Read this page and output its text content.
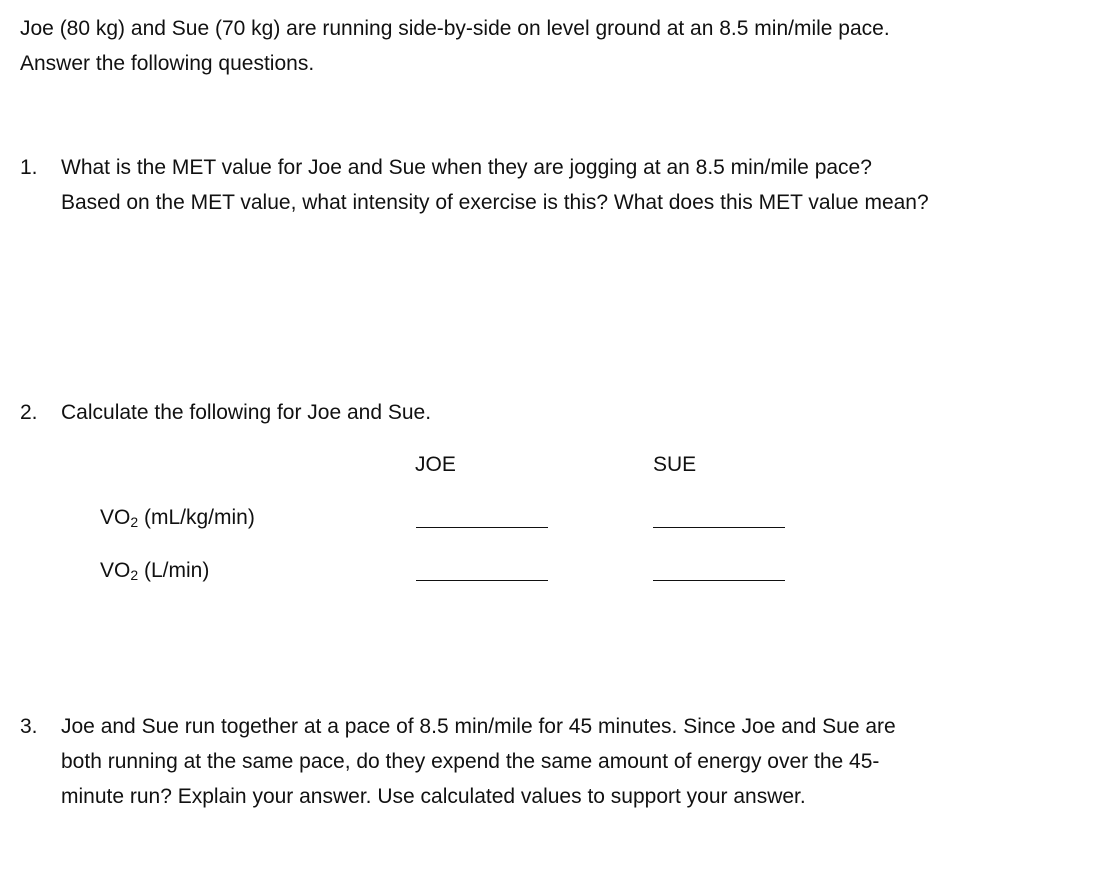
Joe (80 kg) and Sue (70 kg) are running side-by-side on level ground at an 8.5 min/mile pace.
Answer the following questions.
1. What is the MET value for Joe and Sue when they are jogging at an 8.5 min/mile pace?
Based on the MET value, what intensity of exercise is this? What does this MET value mean?
2. Calculate the following for Joe and Sue.
JOE	SUE
$VO_2$ (mL/kg/min)
$VO_2$ (L/min)
3. Joe and Sue run together at a pace of 8.5 min/mile for 45 minutes. Since Joe and Sue are
both running at the same pace, do they expend the same amount of energy over the 45-
minute run? Explain your answer. Use calculated values to support your answer.
